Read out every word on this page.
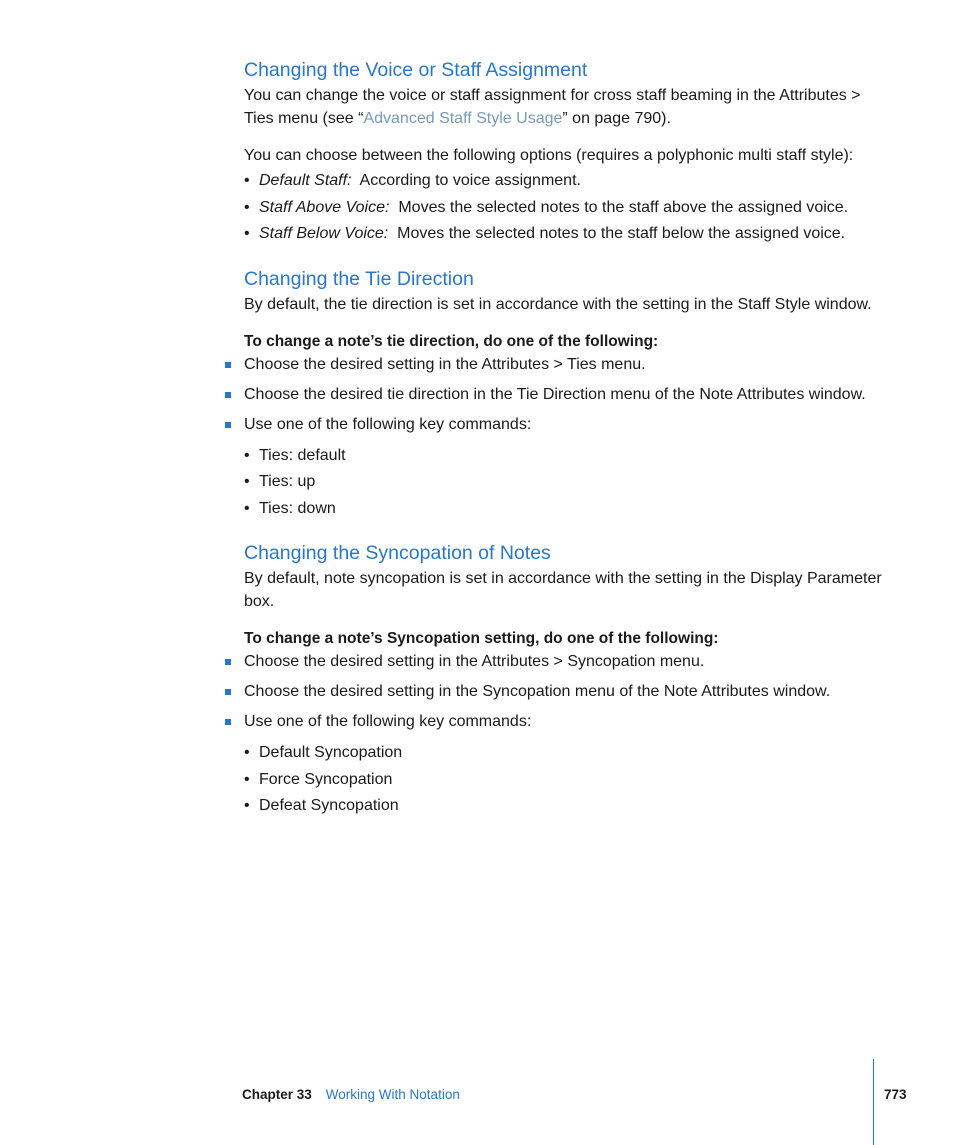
Changing the Voice or Staff Assignment

You can change the voice or staff assignment for cross staff beaming in the Attributes > Ties menu (see “Advanced Staff Style Usage” on page 790).

You can choose between the following options (requires a polyphonic multi staff style):

• Default Staff: According to voice assignment.
• Staff Above Voice: Moves the selected notes to the staff above the assigned voice.
• Staff Below Voice: Moves the selected notes to the staff below the assigned voice.
Changing the Tie Direction

By default, the tie direction is set in accordance with the setting in the Staff Style window.

To change a note’s tie direction, do one of the following:

Choose the desired setting in the Attributes > Ties menu.
Choose the desired tie direction in the Tie Direction menu of the Note Attributes window.
Use one of the following key commands:
• Ties: default
• Ties: up
• Ties: down
Changing the Syncopation of Notes

By default, note syncopation is set in accordance with the setting in the Display Parameter box.

To change a note’s Syncopation setting, do one of the following:

Choose the desired setting in the Attributes > Syncopation menu.
Choose the desired setting in the Syncopation menu of the Note Attributes window.
Use one of the following key commands:
• Default Syncopation
• Force Syncopation
• Defeat Syncopation
Chapter 33 Working With Notation	773
